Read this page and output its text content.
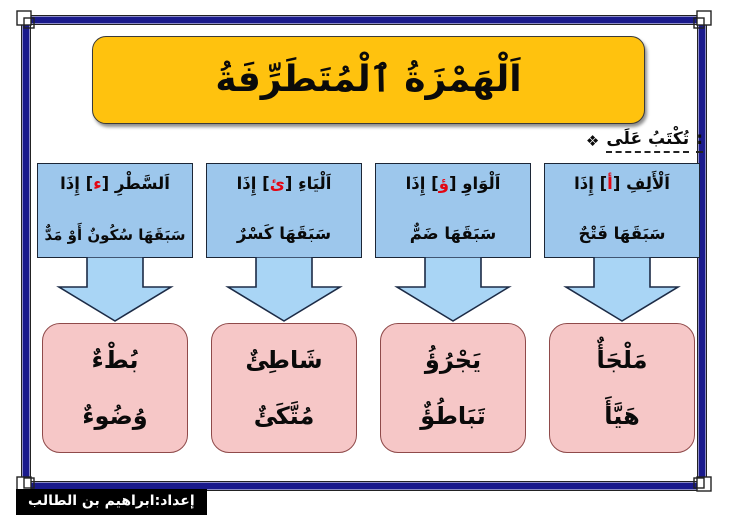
اَلْهَمْزَةُ ٱلْمُتَطَرِّفَةُ
❖ تُكْتَبُ عَلَى :
اَلْأَلِفِ [أ] إِذَا
سَبَقَهَا فَتْحٌ
مَلْجَأٌ
هَيَّأَ
اَلْوَاوِ [ؤ] إِذَا
سَبَقَهَا ضَمٌّ
يَجْرُؤُ
تَبَاطُؤٌ
اَلْيَاءِ [ئ] إِذَا
سَبَقَهَا كَسْرٌ
شَاطِئٌ
مُتَّكَئٌ
اَلسَّطْرِ [ء] إِذَا
سَبَقَهَا سُكُونٌ أَوْ مَدٌّ
بُطْءٌ
وُضُوءٌ
إعداد:ابراهيم بن الطالب
